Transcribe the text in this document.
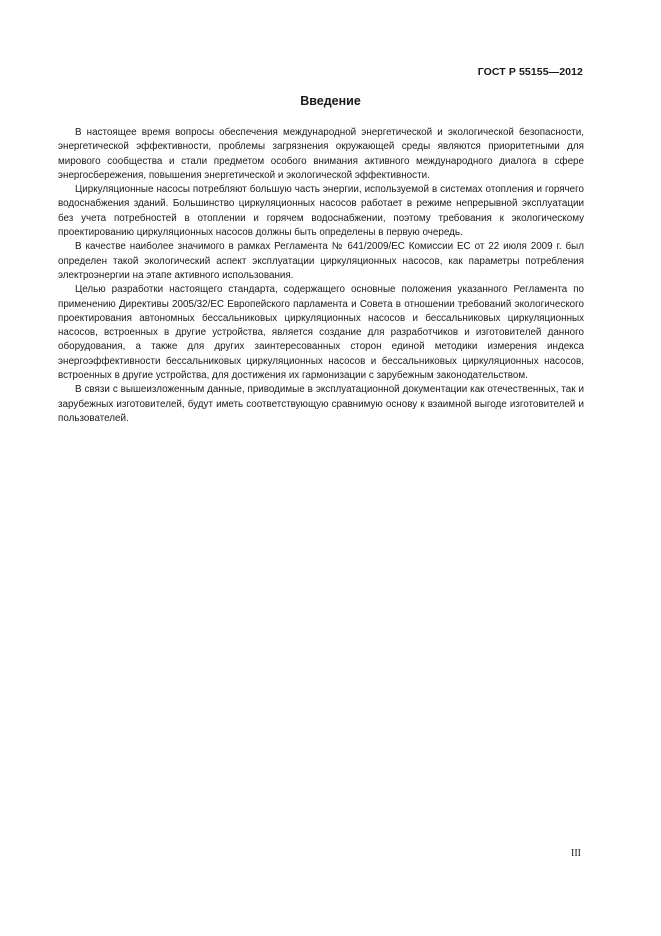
ГОСТ Р 55155—2012
Введение

В настоящее время вопросы обеспечения международной энергетической и экологической безопасности, энергетической эффективности, проблемы загрязнения окружающей среды являются приоритетными для мирового сообщества и стали предметом особого внимания активного международного диалога в сфере энергосбережения, повышения энергетической и экологической эффективности.

Циркуляционные насосы потребляют большую часть энергии, используемой в системах отопления и горячего водоснабжения зданий. Большинство циркуляционных насосов работает в режиме непрерывной эксплуатации без учета потребностей в отоплении и горячем водоснабжении, поэтому требования к экологическому проектированию циркуляционных насосов должны быть определены в первую очередь.

В качестве наиболее значимого в рамках Регламента № 641/2009/ЕС Комиссии ЕС от 22 июля 2009 г. был определен такой экологический аспект эксплуатации циркуляционных насосов, как параметры потребления электроэнергии на этапе активного использования.

Целью разработки настоящего стандарта, содержащего основные положения указанного Регламента по применению Директивы 2005/32/ЕС Европейского парламента и Совета в отношении требований экологического проектирования автономных бессальниковых циркуляционных насосов и бессальниковых циркуляционных насосов, встроенных в другие устройства, является создание для разработчиков и изготовителей данного оборудования, а также для других заинтересованных сторон единой методики измерения индекса энергоэффективности бессальниковых циркуляционных насосов и бессальниковых циркуляционных насосов, встроенных в другие устройства, для достижения их гармонизации с зарубежным законодательством.

В связи с вышеизложенным данные, приводимые в эксплуатационной документации как отечественных, так и зарубежных изготовителей, будут иметь соответствующую сравнимую основу к взаимной выгоде изготовителей и пользователей.

III
